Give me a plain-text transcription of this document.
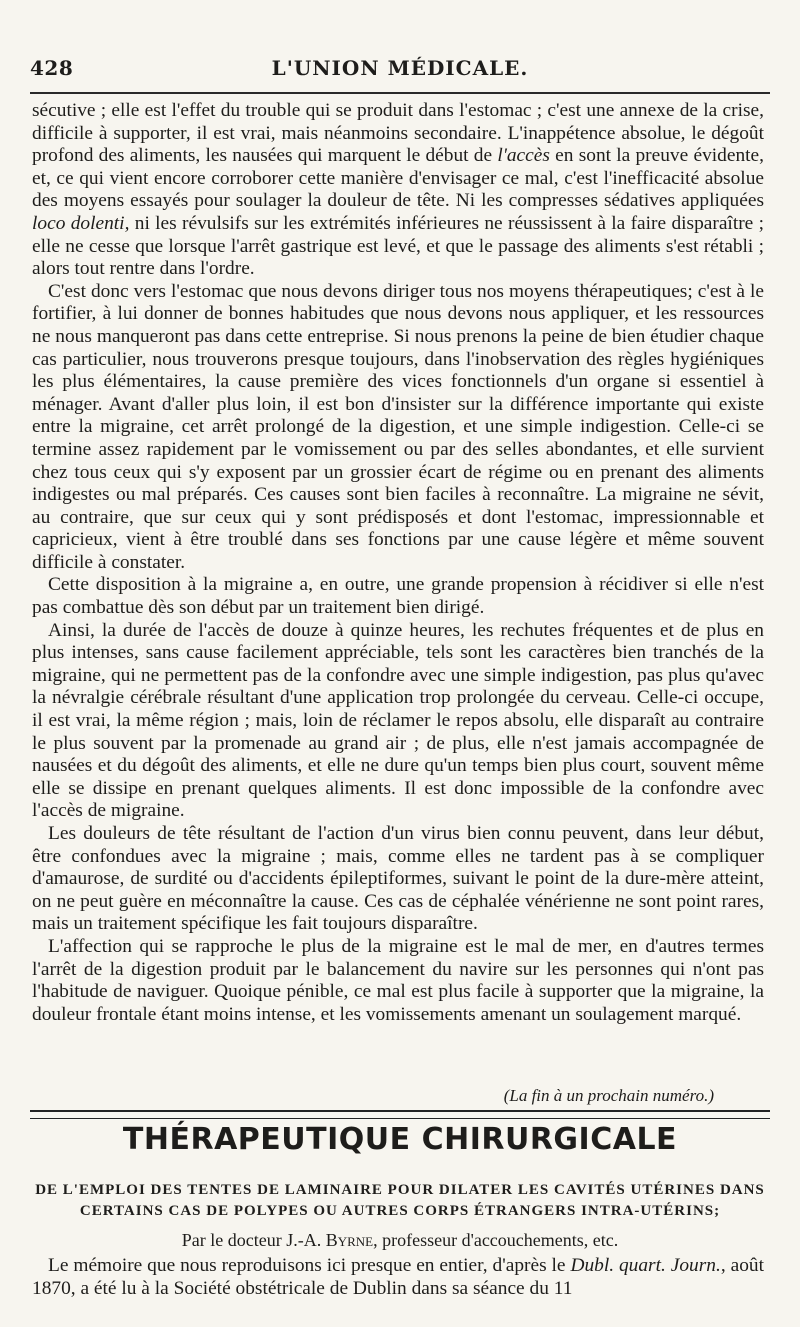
428	L'UNION MÉDICALE.

sécutive ; elle est l'effet du trouble qui se produit dans l'estomac ; c'est une annexe de la crise, difficile à supporter, il est vrai, mais néanmoins secondaire. L'inappétence absolue, le dégoût profond des aliments, les nausées qui marquent le début de l'accès en sont la preuve évidente, et, ce qui vient encore corroborer cette manière d'envisager ce mal, c'est l'inefficacité absolue des moyens essayés pour soulager la douleur de tête. Ni les compresses sédatives appliquées loco dolenti, ni les révulsifs sur les extrémités inférieures ne réussissent à la faire disparaître ; elle ne cesse que lorsque l'arrêt gastrique est levé, et que le passage des aliments s'est rétabli ; alors tout rentre dans l'ordre.

C'est donc vers l'estomac que nous devons diriger tous nos moyens thérapeutiques; c'est à le fortifier, à lui donner de bonnes habitudes que nous devons nous appliquer, et les ressources ne nous manqueront pas dans cette entreprise. Si nous prenons la peine de bien étudier chaque cas particulier, nous trouverons presque toujours, dans l'inobservation des règles hygiéniques les plus élémentaires, la cause première des vices fonctionnels d'un organe si essentiel à ménager. Avant d'aller plus loin, il est bon d'insister sur la différence importante qui existe entre la migraine, cet arrêt prolongé de la digestion, et une simple indigestion. Celle-ci se termine assez rapidement par le vomissement ou par des selles abondantes, et elle survient chez tous ceux qui s'y exposent par un grossier écart de régime ou en prenant des aliments indigestes ou mal préparés. Ces causes sont bien faciles à reconnaître. La migraine ne sévit, au contraire, que sur ceux qui y sont prédisposés et dont l'estomac, impressionnable et capricieux, vient à être troublé dans ses fonctions par une cause légère et même souvent difficile à constater.

Cette disposition à la migraine a, en outre, une grande propension à récidiver si elle n'est pas combattue dès son début par un traitement bien dirigé.

Ainsi, la durée de l'accès de douze à quinze heures, les rechutes fréquentes et de plus en plus intenses, sans cause facilement appréciable, tels sont les caractères bien tranchés de la migraine, qui ne permettent pas de la confondre avec une simple indigestion, pas plus qu'avec la névralgie cérébrale résultant d'une application trop prolongée du cerveau. Celle-ci occupe, il est vrai, la même région ; mais, loin de réclamer le repos absolu, elle disparaît au contraire le plus souvent par la promenade au grand air ; de plus, elle n'est jamais accompagnée de nausées et du dégoût des aliments, et elle ne dure qu'un temps bien plus court, souvent même elle se dissipe en prenant quelques aliments. Il est donc impossible de la confondre avec l'accès de migraine.

Les douleurs de tête résultant de l'action d'un virus bien connu peuvent, dans leur début, être confondues avec la migraine ; mais, comme elles ne tardent pas à se compliquer d'amaurose, de surdité ou d'accidents épileptiformes, suivant le point de la dure-mère atteint, on ne peut guère en méconnaître la cause. Ces cas de céphalée vénérienne ne sont point rares, mais un traitement spécifique les fait toujours disparaître.

L'affection qui se rapproche le plus de la migraine est le mal de mer, en d'autres termes l'arrêt de la digestion produit par le balancement du navire sur les personnes qui n'ont pas l'habitude de naviguer. Quoique pénible, ce mal est plus facile à supporter que la migraine, la douleur frontale étant moins intense, et les vomissements amenant un soulagement marqué.

(La fin à un prochain numéro.)
THÉRAPEUTIQUE CHIRURGICALE
DE L'EMPLOI DES TENTES DE LAMINAIRE POUR DILATER LES CAVITÉS UTÉRINES DANS CERTAINS CAS DE POLYPES OU AUTRES CORPS ÉTRANGERS INTRA-UTÉRINS;
Par le docteur J.-A. Byrne, professeur d'accouchements, etc.

Le mémoire que nous reproduisons ici presque en entier, d'après le Dubl. quart. Journ., août 1870, a été lu à la Société obstétricale de Dublin dans sa séance du 11
